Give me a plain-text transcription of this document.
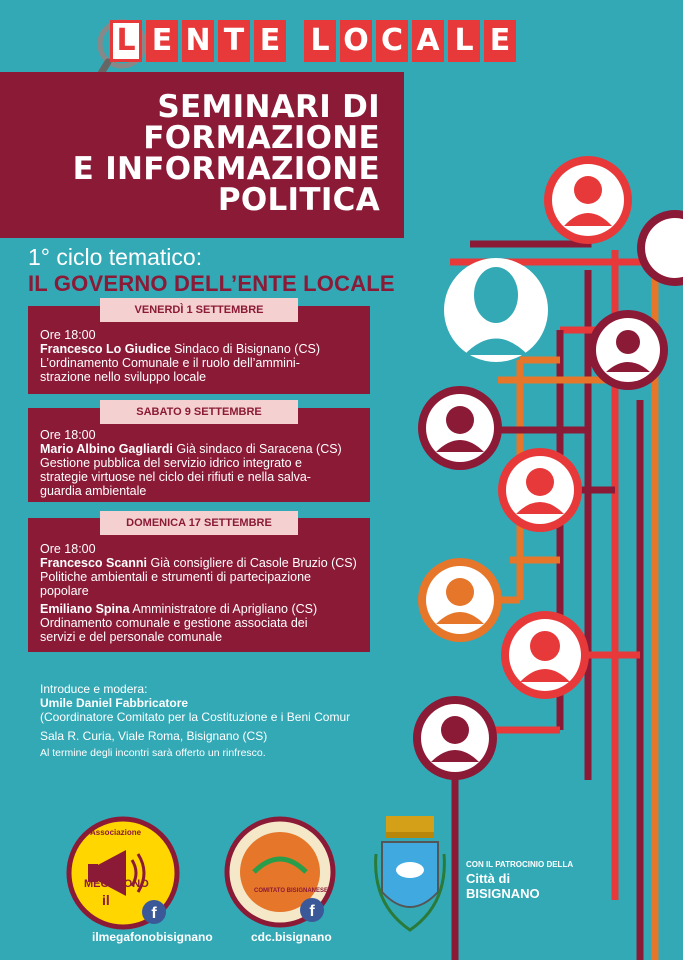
L E N T E L O C A L E
SEMINARI DI
FORMAZIONE
E INFORMAZIONE
POLITICA
1° ciclo tematico:
IL GOVERNO DELL’ENTE LOCALE
Ore 18:00
Francesco Lo Giudice Sindaco di Bisignano (CS)
L’ordinamento Comunale e il ruolo dell’ammini-
strazione nello sviluppo locale
VENERDÌ 1 SETTEMBRE
Ore 18:00
Mario Albino Gagliardi Già sindaco di Saracena (CS)
Gestione pubblica del servizio idrico integrato e
strategie virtuose nel ciclo dei rifiuti e nella salva-
guardia ambientale
SABATO 9 SETTEMBRE
Ore 18:00
Francesco Scanni Già consigliere di Casole Bruzio (CS)
Politiche ambientali e strumenti di partecipazione
popolare
Emiliano Spina Amministratore di Aprigliano (CS)
Ordinamento comunale e gestione associata dei
servizi e del personale comunale
DOMENICA 17 SETTEMBRE
Introduce e modera:
Umile Daniel Fabbricatore
(Coordinatore Comitato per la Costituzione e i Beni Comur
Sala R. Curia, Viale Roma, Bisignano (CS)
Al termine degli incontri sarà offerto un rinfresco.
f
Associazione
MEGAFONO
il
ilmegafonobisignano
f
COMITATO BISIGNANESE
cdc.bisignano
CON IL PATROCINIO DELLA
Città di
BISIGNANO
